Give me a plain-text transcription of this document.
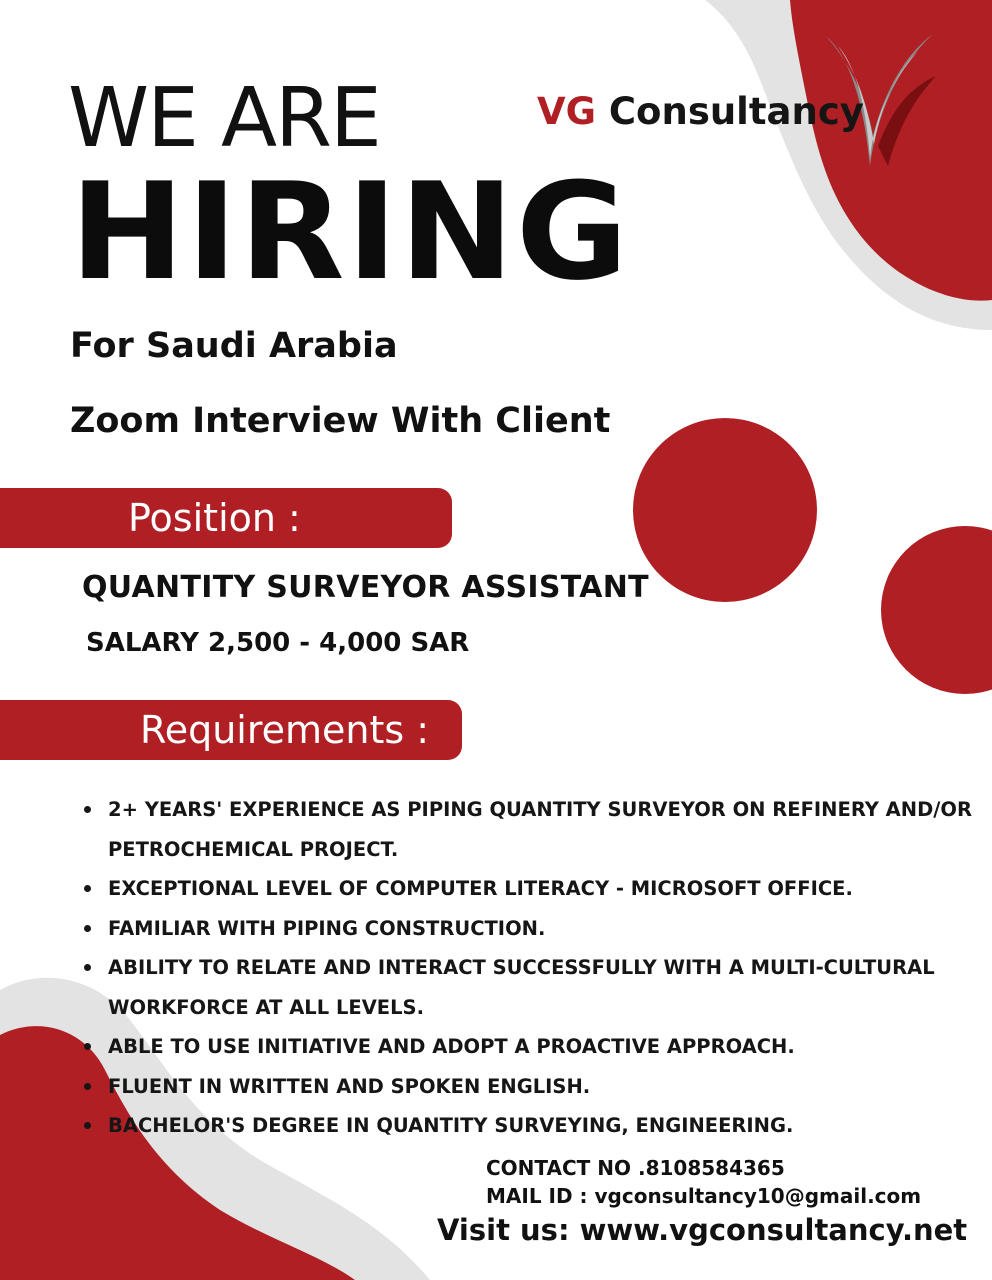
WE ARE
HIRING
For Saudi Arabia
Zoom Interview With Client
VG Consultancy
Position :
QUANTITY SURVEYOR ASSISTANT
SALARY 2,500 - 4,000 SAR
Requirements :
2+ YEARS' EXPERIENCE AS PIPING QUANTITY SURVEYOR ON REFINERY AND/OR PETROCHEMICAL PROJECT.
EXCEPTIONAL LEVEL OF COMPUTER LITERACY - MICROSOFT OFFICE.
FAMILIAR WITH PIPING CONSTRUCTION.
ABILITY TO RELATE AND INTERACT SUCCESSFULLY WITH A MULTI-CULTURAL WORKFORCE AT ALL LEVELS.
ABLE TO USE INITIATIVE AND ADOPT A PROACTIVE APPROACH.
FLUENT IN WRITTEN AND SPOKEN ENGLISH.
BACHELOR'S DEGREE IN QUANTITY SURVEYING, ENGINEERING.
CONTACT NO .8108584365
MAIL ID : vgconsultancy10@gmail.com
Visit us: www.vgconsultancy.net
